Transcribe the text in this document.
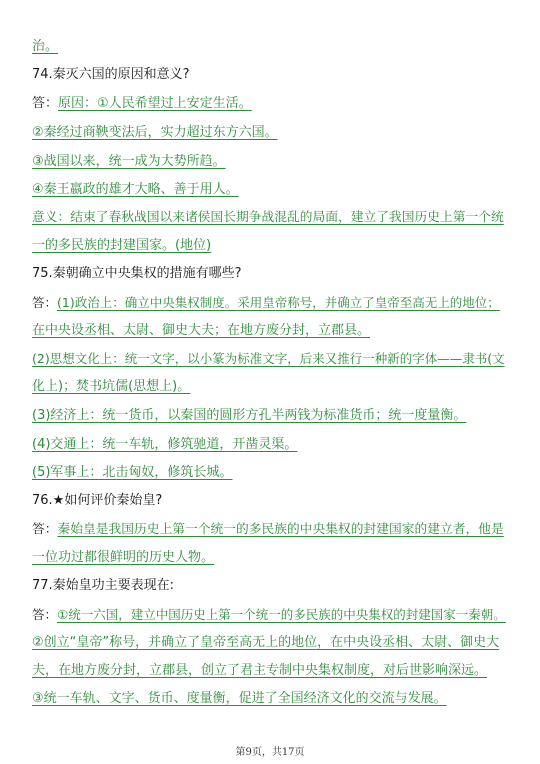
治。
74.秦灭六国的原因和意义?
答：原因：①人民希望过上安定生活。
②秦经过商鞅变法后，实力超过东方六国。
③战国以来，统一成为大势所趋。
④秦王嬴政的雄才大略、善于用人。
意义：结束了春秋战国以来诸侯国长期争战混乱的局面，建立了我国历史上第一个统
一的多民族的封建国家。(地位)
75.秦朝确立中央集权的措施有哪些?
答：(1)政治上：确立中央集权制度。采用皇帝称号，并确立了皇帝至高无上的地位；
在中央设丞相、太尉、御史大夫；在地方废分封，立郡县。
(2)思想文化上：统一文字，以小篆为标准文字，后来又推行一种新的字体——隶书(文
化上)；焚书坑儒(思想上)。
(3)经济上：统一货币，以秦国的圆形方孔半两钱为标准货币；统一度量衡。
(4)交通上：统一车轨，修筑驰道，开凿灵渠。
(5)军事上：北击匈奴，修筑长城。
76.★如何评价秦始皇?
答：秦始皇是我国历史上第一个统一的多民族的中央集权的封建国家的建立者，他是
一位功过都很鲜明的历史人物。
77.秦始皇功主要表现在:
答：①统一六国，建立中国历史上第一个统一的多民族的中央集权的封建国家一秦朝。
②创立“皇帝”称号，并确立了皇帝至高无上的地位，在中央设丞相、太尉、御史大
夫，在地方废分封，立郡县，创立了君主专制中央集权制度，对后世影响深远。
③统一车轨、文字、货币、度量衡，促进了全国经济文化的交流与发展。
第9页，共17页
